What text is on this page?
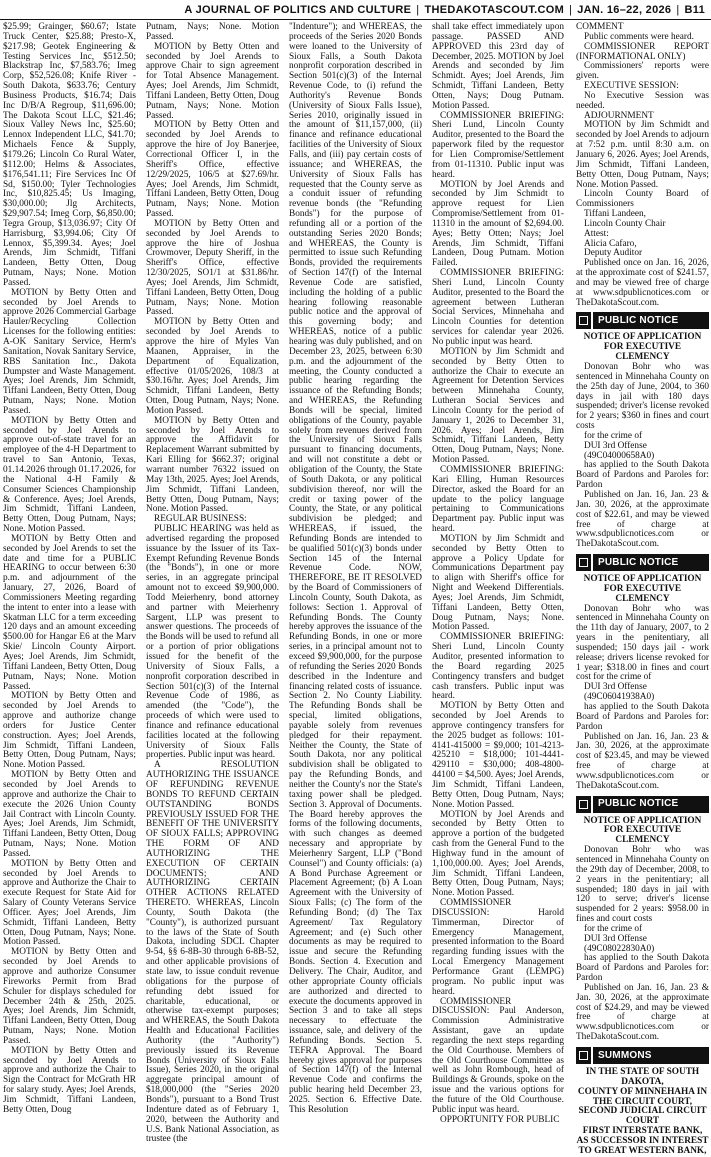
A JOURNAL OF POLITICS AND CULTURE | THEDAKOTASCOUT.COM | JAN. 16–22, 2026 | B11

$25.99; Grainger, $60.67; Istate Truck Center, $25.88; Presto-X, $217.98; Geotek Engineering & Testing Services Inc, $512.50; Blackstrap Inc, $7,583.76; Imeg Corp, $52,526.08; Knife River - South Dakota, $633.76; Century Business Products, $16.74; Dais Inc D/B/A Regroup, $11,696.00; The Dakota Scout LLC, $21.46; Sioux Valley News Inc, $25.60; Lennox Independent LLC, $41.70; Michaels Fence & Supply, $179.26; Lincoln Co Rural Water, $112.00; Helms & Associates, $176,541.11; Fire Services Inc Of Sd, $150.00; Tyler Technologies Inc, $10,825.45; Us Imaging, $30,000.00; Jlg Architects, $29,907.54; Imeg Corp, $6,850.00; Tegra Group, $13,036.97; City Of Harrisburg, $3,994.06; City Of Lennox, $5,399.34. Ayes; Joel Arends, Jim Schmidt, Tiffani Landeen, Betty Otten, Doug Putnam, Nays; None. Motion Passed.

MOTION by Betty Otten and seconded by Joel Arends to approve 2026 Commercial Garbage Hauler/Recycling Collection Licenses for the following entities: A-OK Sanitary Service, Herm's Sanitation, Novak Sanitary Service, RBS Sanitation Inc., Dakota Dumpster and Waste Management. Ayes; Joel Arends, Jim Schmidt, Tiffani Landeen, Betty Otten, Doug Putnam, Nays; None. Motion Passed.

MOTION by Betty Otten and seconded by Joel Arends to approve out-of-state travel for an employee of the 4-H Department to travel to San Antonio, Texas, 01.14.2026 through 01.17.2026, for the National 4-H Family & Consumer Sciences Championship & Conference. Ayes; Joel Arends, Jim Schmidt, Tiffani Landeen, Betty Otten, Doug Putnam, Nays; None. Motion Passed.

MOTION by Betty Otten and seconded by Joel Arends to set the date and time for a PUBLIC HEARING to occur between 6:30 p.m. and adjournment of the January, 27, 2026, Board of Commissioners Meeting regarding the intent to enter into a lease with Skatman LLC for a term exceeding 120 days and an amount exceeding $500.00 for Hangar E6 at the Marv Skie/ Lincoln County Airport. Ayes; Joel Arends, Jim Schmidt, Tiffani Landeen, Betty Otten, Doug Putnam, Nays; None. Motion Passed.

MOTION by Betty Otten and seconded by Joel Arends to approve and authorize change orders for Justice Center construction. Ayes; Joel Arends, Jim Schmidt, Tiffani Landeen, Betty Otten, Doug Putnam, Nays; None. Motion Passed.

MOTION by Betty Otten and seconded by Joel Arends to approve and authorize the Chair to execute the 2026 Union County Jail Contract with Lincoln County. Ayes; Joel Arends, Jim Schmidt, Tiffani Landeen, Betty Otten, Doug Putnam, Nays; None. Motion Passed.

MOTION by Betty Otten and seconded by Joel Arends to approve and Authorize the Chair to execute Request for State Aid for Salary of County Veterans Service Officer. Ayes; Joel Arends, Jim Schmidt, Tiffani Landeen, Betty Otten, Doug Putnam, Nays; None. Motion Passed.

MOTION by Betty Otten and seconded by Joel Arends to approve and authorize Consumer Fireworks Permit from Brad Schuler for displays scheduled for December 24th & 25th, 2025. Ayes; Joel Arends, Jim Schmidt, Tiffani Landeen, Betty Otten, Doug Putnam, Nays; None. Motion Passed.

MOTION by Betty Otten and seconded by Joel Arends to approve and authorize the Chair to Sign the Contract for McGrath HR for salary study. Ayes; Joel Arends, Jim Schmidt, Tiffani Landeen, Betty Otten, Doug

Putnam, Nays; None. Motion Passed.

MOTION by Betty Otten and seconded by Joel Arends to approve Chair to sign agreement for Total Absence Management. Ayes; Joel Arends, Jim Schmidt, Tiffani Landeen, Betty Otten, Doug Putnam, Nays; None. Motion Passed.

MOTION by Betty Otten and seconded by Joel Arends to approve the hire of Joy Banerjee, Correctional Officer I, in the Sheriff's Office, effective 12/29/2025, 106/5 at $27.69/hr. Ayes; Joel Arends, Jim Schmidt, Tiffani Landeen, Betty Otten, Doug Putnam, Nays; None. Motion Passed.

MOTION by Betty Otten and seconded by Joel Arends to approve the hire of Joshua Crowmover, Deputy Sheriff, in the Sheriff's Office, effective 12/30/2025, SO1/1 at $31.86/hr. Ayes; Joel Arends, Jim Schmidt, Tiffani Landeen, Betty Otten, Doug Putnam, Nays; None. Motion Passed.

MOTION by Betty Otten and seconded by Joel Arends to approve the hire of Myles Van Maanen, Appraiser, in the Department of Equalization, effective 01/05/2026, 108/3 at $30.16/hr. Ayes; Joel Arends, Jim Schmidt, Tiffani Landeen, Betty Otten, Doug Putnam, Nays; None. Motion Passed.

MOTION by Betty Otten and seconded by Joel Arends to approve the Affidavit for Replacement Warrant submitted by Kari Elling for $662.37; original warrant number 76322 issued on May 13th, 2025. Ayes; Joel Arends, Jim Schmidt, Tiffani Landeen, Betty Otten, Doug Putnam, Nays; None. Motion Passed.

REGULAR BUSINESS:

PUBLIC HEARING was held as advertised regarding the proposed issuance by the Issuer of its Tax-Exempt Refunding Revenue Bonds (the "Bonds"), in one or more series, in an aggregate principal amount not to exceed $9,900,000. Todd Meierhenry, bond attorney and partner with Meierhenry Sargent, LLP was present to answer questions. The proceeds of the Bonds will be used to refund all or a portion of prior obligations issued for the benefit of the University of Sioux Falls, a nonprofit corporation described in Section 501(c)(3) of the Internal Revenue Code of 1986, as amended (the "Code"), the proceeds of which were used to finance and refinance educational facilities located at the following University of Sioux Falls properties. Public input was heard.

A RESOLUTION AUTHORIZING THE ISSUANCE OF REFUNDING REVENUE BONDS TO REFUND CERTAIN OUTSTANDING BONDS PREVIOUSLY ISSUED FOR THE BENEFIT OF THE UNIVERSITY OF SIOUX FALLS; APPROVING THE FORM OF AND AUTHORIZING THE EXECUTION OF CERTAIN DOCUMENTS; AND AUTHORIZING CERTAIN OTHER ACTIONS RELATED THERETO. WHEREAS, Lincoln County, South Dakota (the "County"), is authorized pursuant to the laws of the State of South Dakota, including SDCL Chapter 9-54, §§ 6-8B-30 through 6-8B-52, and other applicable provisions of state law, to issue conduit revenue obligations for the purpose of refunding debt issued for charitable, educational, or otherwise tax-exempt purposes; and WHEREAS, the South Dakota Health and Educational Facilities Authority (the "Authority") previously issued its Revenue Bonds (University of Sioux Falls Issue), Series 2020, in the original aggregate principal amount of $18,000,000 (the "Series 2020 Bonds"), pursuant to a Bond Trust Indenture dated as of February 1, 2020, between the Authority and U.S. Bank National Association, as trustee (the

"Indenture"); and WHEREAS, the proceeds of the Series 2020 Bonds were loaned to the University of Sioux Falls, a South Dakota nonprofit corporation described in Section 501(c)(3) of the Internal Revenue Code, to (i) refund the Authority's Revenue Bonds (University of Sioux Falls Issue), Series 2010, originally issued in the amount of $11,157,000, (ii) finance and refinance educational facilities of the University of Sioux Falls, and (iii) pay certain costs of issuance; and WHEREAS, the University of Sioux Falls has requested that the County serve as a conduit issuer of refunding revenue bonds (the "Refunding Bonds") for the purpose of refunding all or a portion of the outstanding Series 2020 Bonds; and WHEREAS, the County is permitted to issue such Refunding Bonds, provided the requirements of Section 147(f) of the Internal Revenue Code are satisfied, including the holding of a public hearing following reasonable public notice and the approval of this governing body; and WHEREAS, notice of a public hearing was duly published, and on December 23, 2025, between 6:30 p.m. and the adjournment of the meeting, the County conducted a public hearing regarding the issuance of the Refunding Bonds; and WHEREAS, the Refunding Bonds will be special, limited obligations of the County, payable solely from revenues derived from the University of Sioux Falls pursuant to financing documents, and will not constitute a debt or obligation of the County, the State of South Dakota, or any political subdivision thereof, nor will the credit or taxing power of the County, the State, or any political subdivision be pledged; and WHEREAS, if issued, the Refunding Bonds are intended to be qualified 501(c)(3) bonds under Section 145 of the Internal Revenue Code. NOW, THEREFORE, BE IT RESOLVED by the Board of Commissioners of Lincoln County, South Dakota, as follows: Section 1. Approval of Refunding Bonds. The County hereby approves the issuance of the Refunding Bonds, in one or more series, in a principal amount not to exceed $9,900,000, for the purpose of refunding the Series 2020 Bonds described in the Indenture and financing related costs of issuance. Section 2. No County Liability. The Refunding Bonds shall be special, limited obligations, payable solely from revenues pledged for their repayment. Neither the County, the State of South Dakota, nor any political subdivision shall be obligated to pay the Refunding Bonds, and neither the County's nor the State's taxing power shall be pledged. Section 3. Approval of Documents. The Board hereby approves the forms of the following documents, with such changes as deemed necessary and appropriate by Meierhenry Sargent, LLP ("Bond Counsel") and County officials: (a) A Bond Purchase Agreement or Placement Agreement; (b) A Loan Agreement with the University of Sioux Falls; (c) The form of the Refunding Bond; (d) The Tax Agreement/ Tax Regulatory Agreement; and (e) Such other documents as may be required to issue and secure the Refunding Bonds. Section 4. Execution and Delivery. The Chair, Auditor, and other appropriate County officials are authorized and directed to execute the documents approved in Section 3 and to take all steps necessary to effectuate the issuance, sale, and delivery of the Refunding Bonds. Section 5. TEFRA Approval. The Board hereby gives approval for purposes of Section 147(f) of the Internal Revenue Code and confirms the public hearing held December 23, 2025. Section 6. Effective Date. This Resolution

shall take effect immediately upon passage. PASSED AND APPROVED this 23rd day of December, 2025. MOTION by Joel Arends and seconded by Jim Schmidt. Ayes; Joel Arends, Jim Schmidt, Tiffani Landeen, Betty Otten, Nays; Doug Putnam. Motion Passed.

COMMISSIONER BRIEFING: Sheri Lund, Lincoln County Auditor, presented to the Board the paperwork filed by the requestor for Lien Compromise/Settlement from 01-11310. Public input was heard.

MOTION by Joel Arends and seconded by Jim Schmidt to approve request for Lien Compromise/Settlement from 01-11310 in the amount of $2,694.00. Ayes; Betty Otten; Nays; Joel Arends, Jim Schmidt, Tiffani Landeen, Doug Putnam. Motion Failed.

COMMISSIONER BRIEFING: Sheri Lund, Lincoln County Auditor, presented to the Board the agreement between Lutheran Social Services, Minnehaha and Lincoln Counties for detention services for calendar year 2026. No public input was heard.

MOTION by Jim Schmidt and seconded by Betty Otten to authorize the Chair to execute an Agreement for Detention Services between Minnehaha County, Lutheran Social Services and Lincoln County for the period of January 1, 2026 to December 31, 2026. Ayes; Joel Arends, Jim Schmidt, Tiffani Landeen, Betty Otten, Doug Putnam, Nays; None. Motion Passed.

COMMISSIONER BRIEFING: Kari Elling, Human Resources Director, asked the Board for an update to the policy language pertaining to Communications Department pay. Public input was heard.

MOTION by Jim Schmidt and seconded by Betty Otten to approve a Policy Update for Communications Department pay to align with Sheriff's office for Night and Weekend Differentials. Ayes; Joel Arends, Jim Schmidt, Tiffani Landeen, Betty Otten, Doug Putnam, Nays; None. Motion Passed.

COMMISSIONER BRIEFING: Sheri Lund, Lincoln County Auditor, presented information to the Board regarding 2025 Contingency transfers and budget cash transfers. Public input was heard.

MOTION by Betty Otten and seconded by Joel Arends to approve contingency transfers for the 2025 budget as follows: 101-4141-415000 = $9,000; 101-4213-425210 = $18,000; 101-4441-429110 = $30,000; 408-4800-44100 = $4,500. Ayes; Joel Arends, Jim Schmidt, Tiffani Landeen, Betty Otten, Doug Putnam, Nays; None. Motion Passed.

MOTION by Joel Arends and seconded by Betty Otten to approve a portion of the budgeted cash from the General Fund to the Highway fund in the amount of 1,100,000.00. Ayes; Joel Arends, Jim Schmidt, Tiffani Landeen, Betty Otten, Doug Putnam, Nays; None. Motion Passed.

COMMISSIONER DISCUSSION: Harold Timmerman, Director of Emergency Management, presented information to the Board regarding funding issues with the Local Emergency Management Performance Grant (LEMPG) program. No public input was heard.

COMMISSIONER DISCUSSION: Paul Anderson, Commission Administrative Assistant, gave an update regarding the next steps regarding the Old Courthouse. Members of the Old Courthouse Committee as well as John Rombough, head of Buildings & Grounds, spoke on the issue and the various options for the future of the Old Courthouse. Public input was heard.

OPPORTUNITY FOR PUBLIC

COMMENT

Public comments were heard.

COMMISSIONER REPORT (INFORMATIONAL ONLY)

Commissioners' reports were given.

EXECUTIVE SESSION:

No Executive Session was needed.

ADJOURNMENT

MOTION by Jim Schmidt and seconded by Joel Arends to adjourn at 7:52 p.m. until 8:30 a.m. on January 6, 2026. Ayes; Joel Arends, Jim Schmidt, Tiffani Landeen, Betty Otten, Doug Putnam, Nays; None. Motion Passed.

Lincoln County Board of Commissioners

Tiffani Landeen,

Lincoln County Chair

Attest:

Alicia Cafaro,

Deputy Auditor

Published once on Jan. 16, 2026, at the approximate cost of $241.57, and may be viewed free of charge at www.sdpublicnotices.com or TheDakotaScout.com.

PUBLIC NOTICE

NOTICE OF APPLICATION FOR EXECUTIVE CLEMENCY

Donovan Bohr who was sentenced in Minnehaha County on the 25th day of June, 2004, to 360 days in jail with 180 days suspended; driver's license revoked for 2 years; $360 in fines and court costs

for the crime of

DUI 3rd Offense

(49C04000658A0)

has applied to the South Dakota Board of Pardons and Paroles for: Pardon

Published on Jan. 16, Jan. 23 & Jan. 30, 2026, at the approximate cost of $22.61, and may be viewed free of charge at www.sdpublicnotices.com or TheDakotaScout.com.

PUBLIC NOTICE

NOTICE OF APPLICATION FOR EXECUTIVE CLEMENCY

Donovan Bohr who was sentenced in Minnehaha County on the 11th day of January, 2007, to 2 years in the penitentiary, all suspended; 150 days jail - work release; drivers license revoked for 1 year; $318.00 in fines and court cost for the crime of

DUI 3rd Offense

(49C06041938A0)

has applied to the South Dakota Board of Pardons and Paroles for: Pardon

Published on Jan. 16, Jan. 23 & Jan. 30, 2026, at the approximate cost of $23.45, and may be viewed free of charge at www.sdpublicnotices.com or TheDakotaScout.com.

PUBLIC NOTICE

NOTICE OF APPLICATION FOR EXECUTIVE CLEMENCY

Donovan Bohr who was sentenced in Minnehaha County on the 29th day of December, 2008, to 2 years in the penitentiary; all suspended; 180 days in jail with 120 to serve; driver's license suspended for 2 years: $958.00 in fines and court costs

for the crime of

DUI 3rd Offense

(49C08022830A0)

has applied to the South Dakota Board of Pardons and Paroles for: Pardon

Published on Jan. 16, Jan. 23 & Jan. 30, 2026, at the approximate cost of $24.29, and may be viewed free of charge at www.sdpublicnotices.com or TheDakotaScout.com.

SUMMONS

IN THE STATE OF SOUTH DAKOTA,

COUNTY OF MINNEHAHA IN THE CIRCUIT COURT, SECOND JUDICIAL CIRCUIT COURT

FIRST INTERSTATE BANK, AS SUCCESSOR IN INTEREST TO GREAT WESTERN BANK,
